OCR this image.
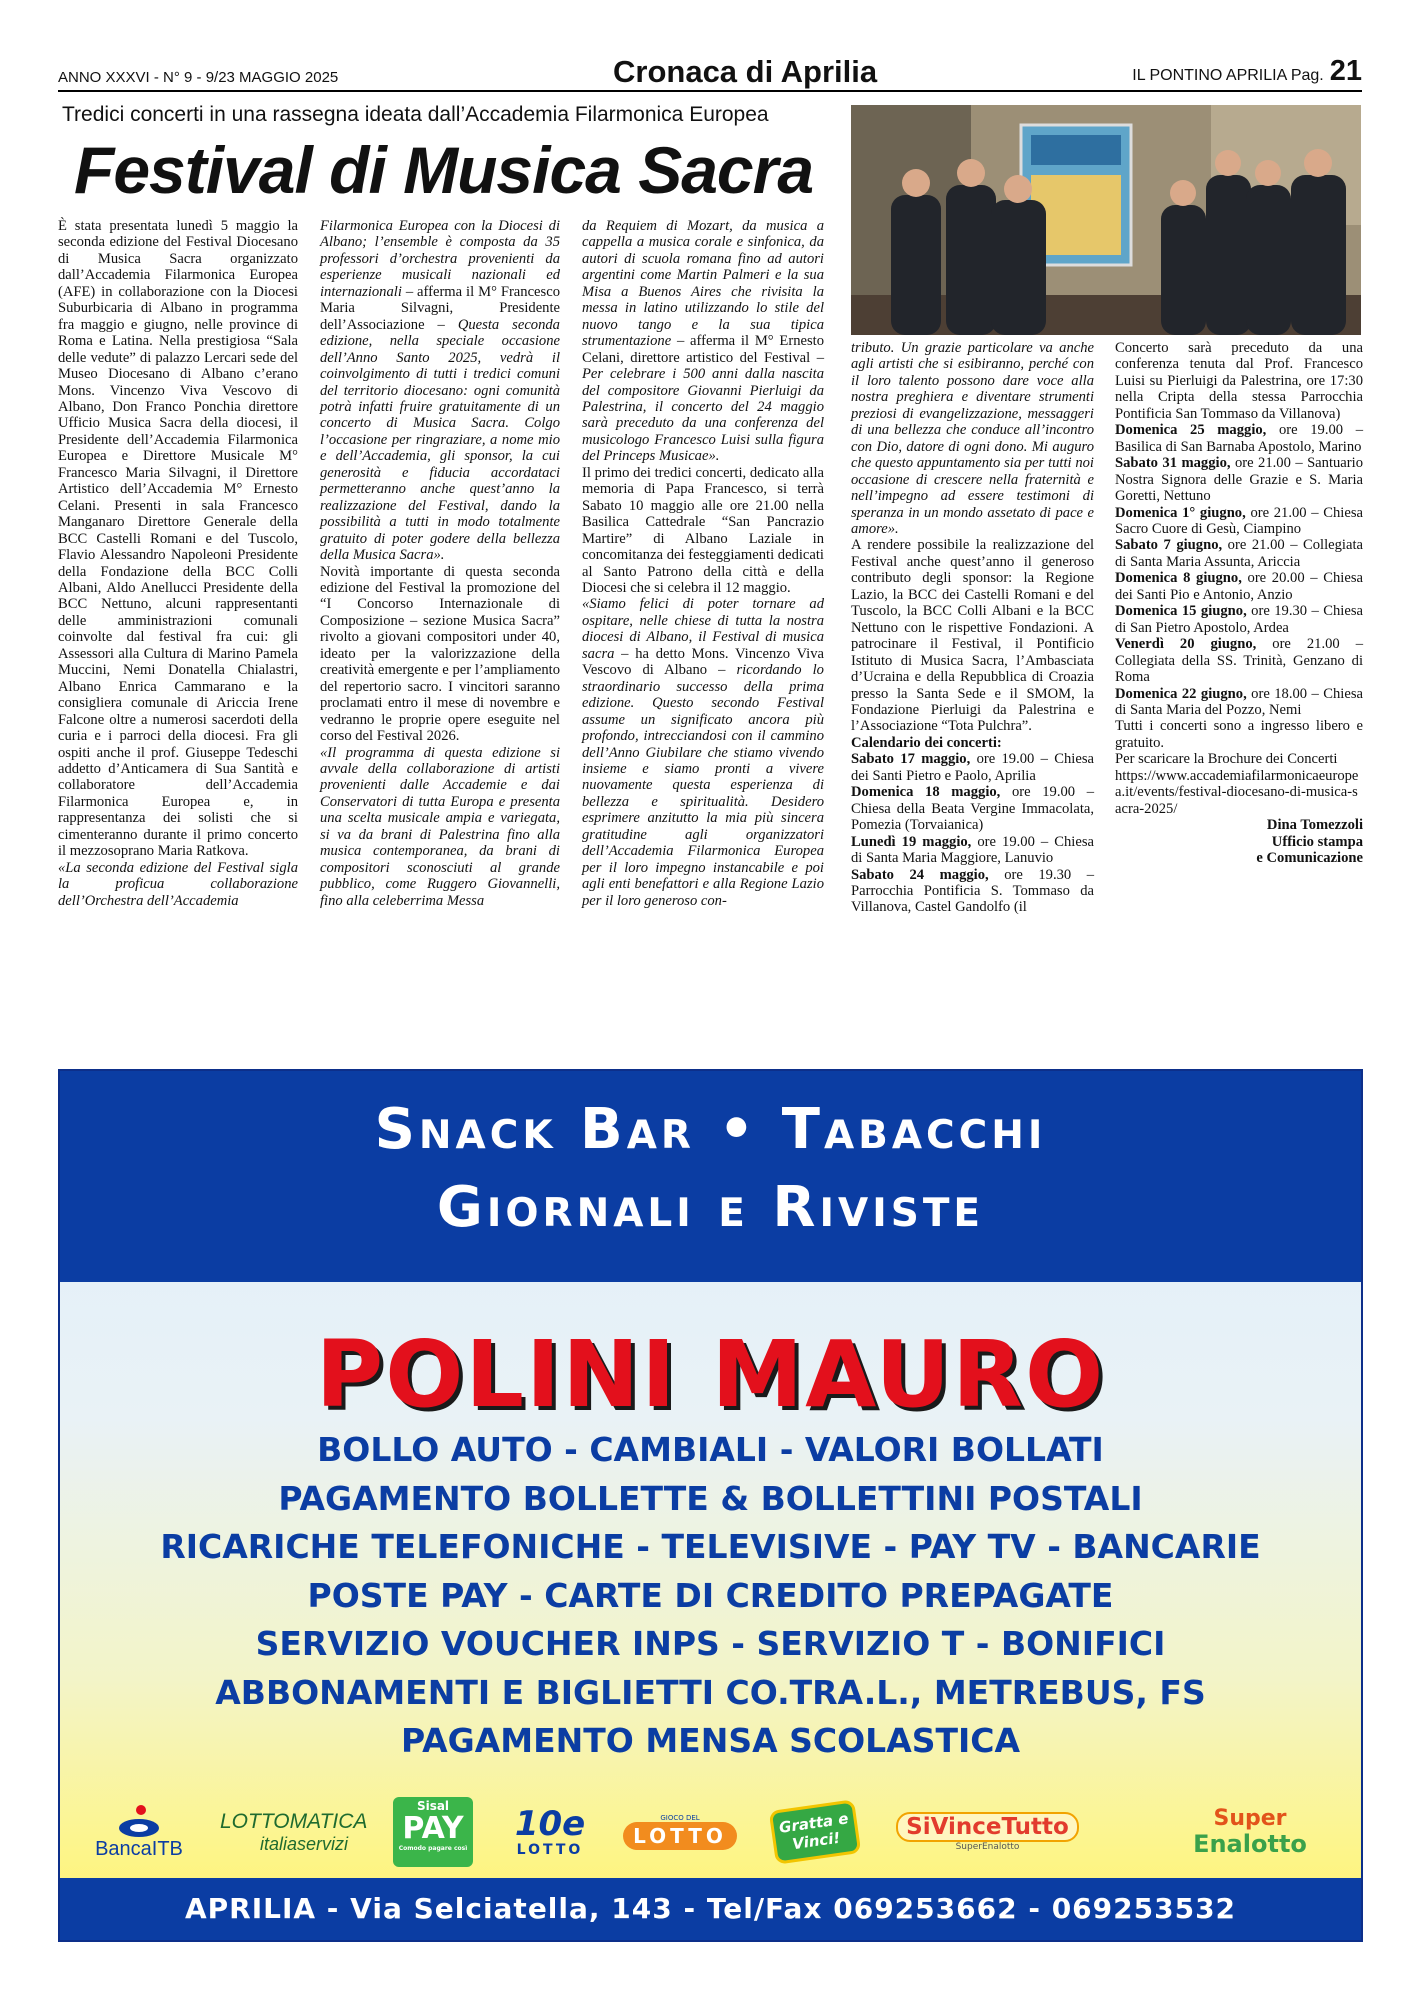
ANNO XXXVI - N° 9 - 9/23 MAGGIO 2025	Cronaca di Aprilia	IL PONTINO APRILIA Pag. 21
Tredici concerti in una rassegna ideata dall’Accademia Filarmonica Europea
Festival di Musica Sacra

È stata presentata lunedì 5 maggio la seconda edizione del Festival Diocesano di Musica Sacra organizzato dall’Accademia Filarmonica Europea (AFE) in collaborazione con la Diocesi Suburbicaria di Albano in programma fra maggio e giugno, nelle province di Roma e Latina. Nella prestigiosa “Sala delle vedute” di palazzo Lercari sede del Museo Diocesano di Albano c’erano Mons. Vincenzo Viva Vescovo di Albano, Don Franco Ponchia direttore Ufficio Musica Sacra della diocesi, il Presidente dell’Accademia Filarmonica Europea e Direttore Musicale M° Francesco Maria Silvagni, il Direttore Artistico dell’Accademia M° Ernesto Celani. Presenti in sala Francesco Manganaro Direttore Generale della BCC Castelli Romani e del Tuscolo, Flavio Alessandro Napoleoni Presidente della Fondazione della BCC Colli Albani, Aldo Anellucci Presidente della BCC Nettuno, alcuni rappresentanti delle amministrazioni comunali coinvolte dal festival fra cui: gli Assessori alla Cultura di Marino Pamela Muccini, Nemi Donatella Chialastri, Albano Enrica Cammarano e la consigliera comunale di Ariccia Irene Falcone oltre a numerosi sacerdoti della curia e i parroci della diocesi. Fra gli ospiti anche il prof. Giuseppe Tedeschi addetto d’Anticamera di Sua Santità e collaboratore dell’Accademia Filarmonica Europea e, in rappresentanza dei solisti che si cimenteranno durante il primo concerto il mezzosoprano Maria Ratkova.

«La seconda edizione del Festival sigla la proficua collaborazione dell’Orchestra dell’Accademia

Filarmonica Europea con la Diocesi di Albano; l’ensemble è composta da 35 professori d’orchestra provenienti da esperienze musicali nazionali ed internazionali – afferma il M° Francesco Maria Silvagni, Presidente dell’Associazione – Questa seconda edizione, nella speciale occasione dell’Anno Santo 2025, vedrà il coinvolgimento di tutti i tredici comuni del territorio diocesano: ogni comunità potrà infatti fruire gratuitamente di un concerto di Musica Sacra. Colgo l’occasione per ringraziare, a nome mio e dell’Accademia, gli sponsor, la cui generosità e fiducia accordataci permetteranno anche quest’anno la realizzazione del Festival, dando la possibilità a tutti in modo totalmente gratuito di poter godere della bellezza della Musica Sacra».

Novità importante di questa seconda edizione del Festival la promozione del “I Concorso Internazionale di Composizione – sezione Musica Sacra” rivolto a giovani compositori under 40, ideato per la valorizzazione della creatività emergente e per l’ampliamento del repertorio sacro. I vincitori saranno proclamati entro il mese di novembre e vedranno le proprie opere eseguite nel corso del Festival 2026.

«Il programma di questa edizione si avvale della collaborazione di artisti provenienti dalle Accademie e dai Conservatori di tutta Europa e presenta una scelta musicale ampia e variegata, si va da brani di Palestrina fino alla musica contemporanea, da brani di compositori sconosciuti al grande pubblico, come Ruggero Giovannelli, fino alla celeberrima Messa

da Requiem di Mozart, da musica a cappella a musica corale e sinfonica, da autori di scuola romana fino ad autori argentini come Martin Palmeri e la sua Misa a Buenos Aires che rivisita la messa in latino utilizzando lo stile del nuovo tango e la sua tipica strumentazione – afferma il M° Ernesto Celani, direttore artistico del Festival – Per celebrare i 500 anni dalla nascita del compositore Giovanni Pierluigi da Palestrina, il concerto del 24 maggio sarà preceduto da una conferenza del musicologo Francesco Luisi sulla figura del Princeps Musicae».

Il primo dei tredici concerti, dedicato alla memoria di Papa Francesco, si terrà Sabato 10 maggio alle ore 21.00 nella Basilica Cattedrale “San Pancrazio Martire” di Albano Laziale in concomitanza dei festeggiamenti dedicati al Santo Patrono della città e della Diocesi che si celebra il 12 maggio.

«Siamo felici di poter tornare ad ospitare, nelle chiese di tutta la nostra diocesi di Albano, il Festival di musica sacra – ha detto Mons. Vincenzo Viva Vescovo di Albano – ricordando lo straordinario successo della prima edizione. Questo secondo Festival assume un significato ancora più profondo, intrecciandosi con il cammino dell’Anno Giubilare che stiamo vivendo insieme e siamo pronti a vivere nuovamente questa esperienza di bellezza e spiritualità. Desidero esprimere anzitutto la mia più sincera gratitudine agli organizzatori dell’Accademia Filarmonica Europea per il loro impegno instancabile e poi agli enti benefattori e alla Regione Lazio per il loro generoso con-

tributo. Un grazie particolare va anche agli artisti che si esibiranno, perché con il loro talento possono dare voce alla nostra preghiera e diventare strumenti preziosi di evangelizzazione, messaggeri di una bellezza che conduce all’incontro con Dio, datore di ogni dono. Mi auguro che questo appuntamento sia per tutti noi occasione di crescere nella fraternità e nell’impegno ad essere testimoni di speranza in un mondo assetato di pace e amore».

A rendere possibile la realizzazione del Festival anche quest’anno il generoso contributo degli sponsor: la Regione Lazio, la BCC dei Castelli Romani e del Tuscolo, la BCC Colli Albani e la BCC Nettuno con le rispettive Fondazioni. A patrocinare il Festival, il Pontificio Istituto di Musica Sacra, l’Ambasciata d’Ucraina e della Repubblica di Croazia presso la Santa Sede e il SMOM, la Fondazione Pierluigi da Palestrina e l’Associazione “Tota Pulchra”.

Calendario dei concerti:

Sabato 17 maggio, ore 19.00 – Chiesa dei Santi Pietro e Paolo, Aprilia

Domenica 18 maggio, ore 19.00 – Chiesa della Beata Vergine Immacolata, Pomezia (Torvaianica)

Lunedì 19 maggio, ore 19.00 – Chiesa di Santa Maria Maggiore, Lanuvio

Sabato 24 maggio, ore 19.30 – Parrocchia Pontificia S. Tommaso da Villanova, Castel Gandolfo (il

Concerto sarà preceduto da una conferenza tenuta dal Prof. Francesco Luisi su Pierluigi da Palestrina, ore 17:30 nella Cripta della stessa Parrocchia Pontificia San Tommaso da Villanova)

Domenica 25 maggio, ore 19.00 – Basilica di San Barnaba Apostolo, Marino

Sabato 31 maggio, ore 21.00 – Santuario Nostra Signora delle Grazie e S. Maria Goretti, Nettuno

Domenica 1° giugno, ore 21.00 – Chiesa Sacro Cuore di Gesù, Ciampino

Sabato 7 giugno, ore 21.00 – Collegiata di Santa Maria Assunta, Ariccia

Domenica 8 giugno, ore 20.00 – Chiesa dei Santi Pio e Antonio, Anzio

Domenica 15 giugno, ore 19.30 – Chiesa di San Pietro Apostolo, Ardea

Venerdì 20 giugno, ore 21.00 – Collegiata della SS. Trinità, Genzano di Roma

Domenica 22 giugno, ore 18.00 – Chiesa di Santa Maria del Pozzo, Nemi

Tutti i concerti sono a ingresso libero e gratuito.

Per scaricare la Brochure dei Concerti

https://www.accademiafilarmonicaeuropea.it/events/festival-diocesano-di-musica-sacra-2025/

Dina Tomezzoli

Ufficio stampa

e Comunicazione

Snack Bar • Tabacchi
Giornali e Riviste
POLINI MAURO
BOLLO AUTO - CAMBIALI - VALORI BOLLATI
PAGAMENTO BOLLETTE & BOLLETTINI POSTALI
RICARICHE TELEFONICHE - TELEVISIVE - PAY TV - BANCARIE
POSTE PAY - CARTE DI CREDITO PREPAGATE
SERVIZIO VOUCHER INPS - SERVIZIO T - BONIFICI
ABBONAMENTI E BIGLIETTI CO.TRA.L., METREBUS, FS
PAGAMENTO MENSA SCOLASTICA
BancaITB
LOTTOMATICA
italiaservizi
Sisal
PAY
Comodo pagare così
10e
LOTTO
GIOCO DEL
LOTTO	Gratta e Vinci!
SiVinceTutto
SuperEnalotto
Super
Enalotto
APRILIA - Via Selciatella, 143 - Tel/Fax 069253662 - 069253532
